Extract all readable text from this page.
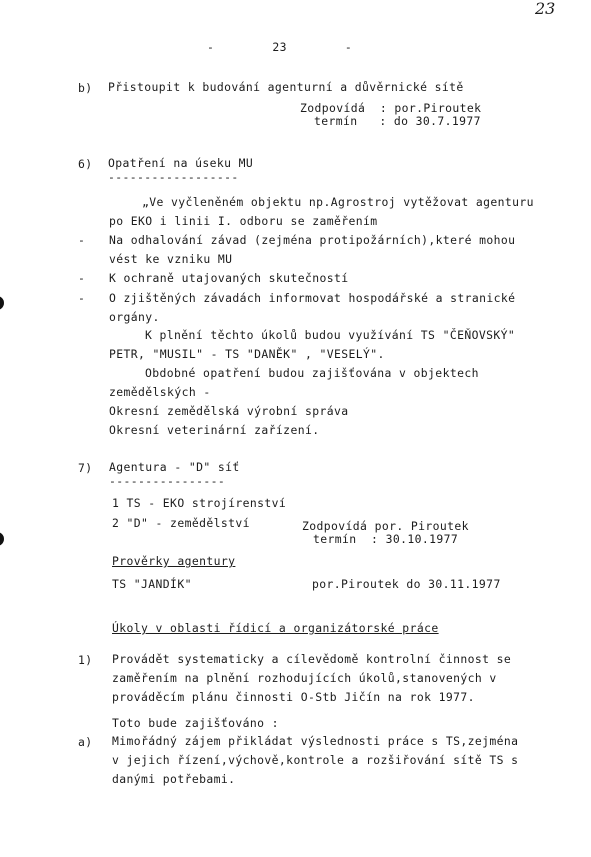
23
-        23        -
b) Přistoupit k budování agenturní a důvěrnické sítě
Zodpovídá  : por.Piroutek
termín   : do 30.7.1977
6) Opatření na úseku MU
------------------
„Ve vyčleněném objektu np.Agrostroj vytěžovat agenturu
po EKO i linii I. odboru se zaměřením
- Na odhalování závad (zejména protipožárních),které mohou
vést ke vzniku MU
- K ochraně utajovaných skutečností
- O zjištěných závadách informovat hospodářské a stranické
orgány.
K plnění těchto úkolů budou využívání TS "ČEŇOVSKÝ"
PETR, "MUSIL" - TS "DANĚK" , "VESELÝ".
Obdobné opatření budou zajišťována v objektech
zemědělských -
Okresní zemědělská výrobní správa
Okresní veterinární zařízení.
7) Agentura - "D" síť
----------------
1 TS - EKO strojírenství
2 "D" - zemědělství	Zodpovídá por. Piroutek
termín  : 30.10.1977
Prověrky agentury
TS "JANDÍK"	por.Piroutek do 30.11.1977
Úkoly v oblasti řídicí a organizátorské práce
1) Provádět systematicky a cílevědomě kontrolní činnost se
zaměřením na plnění rozhodujících úkolů,stanovených v
prováděcím plánu činnosti O-Stb Jičín na rok 1977.
Toto bude zajišťováno :
a) Mimořádný zájem přikládat výslednosti práce s TS,zejména
v jejich řízení,výchově,kontrole a rozšiřování sítě TS s
danými potřebami.
